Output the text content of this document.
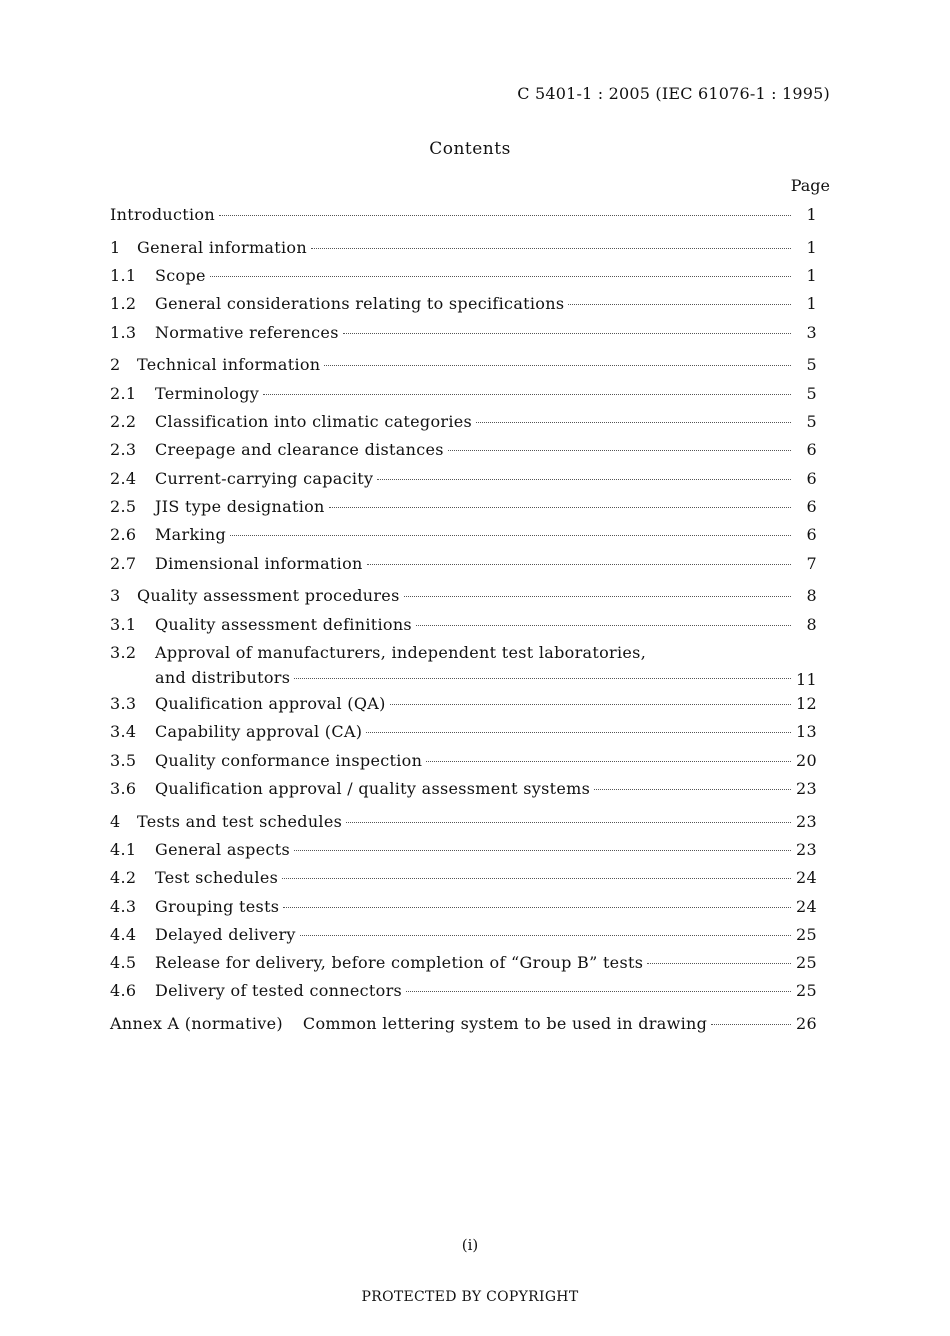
C 5401-1 : 2005 (IEC 61076-1 : 1995)
Contents
Page
Introduction	1
1	General information	1
1.1	Scope	1
1.2	General considerations relating to specifications	1
1.3	Normative references	3
2	Technical information	5
2.1	Terminology	5
2.2	Classification into climatic categories	5
2.3	Creepage and clearance distances	6
2.4	Current-carrying capacity	6
2.5	JIS type designation	6
2.6	Marking	6
2.7	Dimensional information	7
3	Quality assessment procedures	8
3.1	Quality assessment definitions	8
3.2	Approval of manufacturers, independent test laboratories,
and distributors	11
3.3	Qualification approval (QA)	12
3.4	Capability approval (CA)	13
3.5	Quality conformance inspection	20
3.6	Qualification approval / quality assessment systems	23
4	Tests and test schedules	23
4.1	General aspects	23
4.2	Test schedules	24
4.3	Grouping tests	24
4.4	Delayed delivery	25
4.5	Release for delivery, before completion of “Group B” tests	25
4.6	Delivery of tested connectors	25
Annex A (normative) Common lettering system to be used in drawing	26
(i)
PROTECTED BY COPYRIGHT
